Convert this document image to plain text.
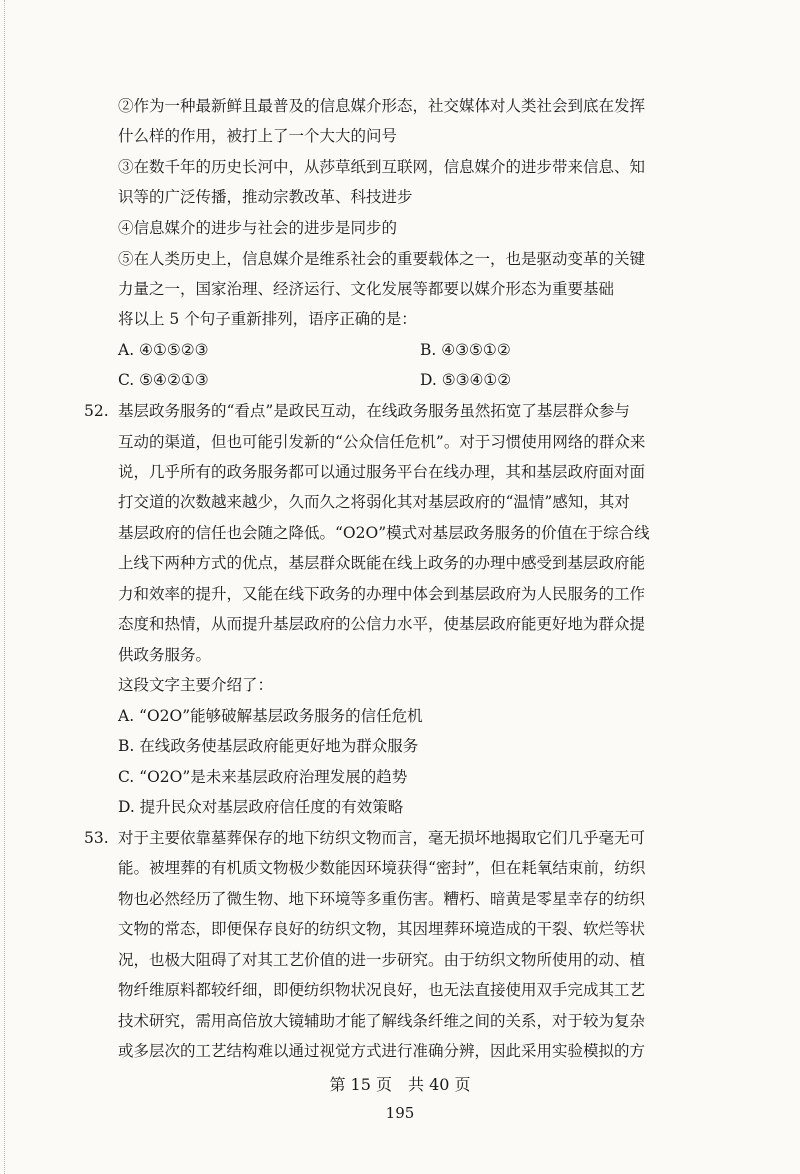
②作为一种最新鲜且最普及的信息媒介形态，社交媒体对人类社会到底在发挥
什么样的作用，被打上了一个大大的问号
③在数千年的历史长河中，从莎草纸到互联网，信息媒介的进步带来信息、知
识等的广泛传播，推动宗教改革、科技进步
④信息媒介的进步与社会的进步是同步的
⑤在人类历史上，信息媒介是维系社会的重要载体之一，也是驱动变革的关键
力量之一，国家治理、经济运行、文化发展等都要以媒介形态为重要基础
将以上 5 个句子重新排列，语序正确的是：
A. ④①⑤②③	B. ④③⑤①②
C. ⑤④②①③	D. ⑤③④①②
52. 基层政务服务的“看点”是政民互动，在线政务服务虽然拓宽了基层群众参与
互动的渠道，但也可能引发新的“公众信任危机”。对于习惯使用网络的群众来
说，几乎所有的政务服务都可以通过服务平台在线办理，其和基层政府面对面
打交道的次数越来越少，久而久之将弱化其对基层政府的“温情”感知，其对
基层政府的信任也会随之降低。“O2O”模式对基层政务服务的价值在于综合线
上线下两种方式的优点，基层群众既能在线上政务的办理中感受到基层政府能
力和效率的提升，又能在线下政务的办理中体会到基层政府为人民服务的工作
态度和热情，从而提升基层政府的公信力水平，使基层政府能更好地为群众提
供政务服务。
这段文字主要介绍了：
A. “O2O”能够破解基层政务服务的信任危机
B. 在线政务使基层政府能更好地为群众服务
C. “O2O”是未来基层政府治理发展的趋势
D. 提升民众对基层政府信任度的有效策略
53. 对于主要依靠墓葬保存的地下纺织文物而言，毫无损坏地揭取它们几乎毫无可
能。被埋葬的有机质文物极少数能因环境获得“密封”，但在耗氧结束前，纺织
物也必然经历了微生物、地下环境等多重伤害。糟朽、暗黄是零星幸存的纺织
文物的常态，即便保存良好的纺织文物，其因埋葬环境造成的干裂、软烂等状
况，也极大阻碍了对其工艺价值的进一步研究。由于纺织文物所使用的动、植
物纤维原料都较纤细，即便纺织物状况良好，也无法直接使用双手完成其工艺
技术研究，需用高倍放大镜辅助才能了解线条纤维之间的关系，对于较为复杂
或多层次的工艺结构难以通过视觉方式进行准确分辨，因此采用实验模拟的方
第 15 页　共 40 页
195
